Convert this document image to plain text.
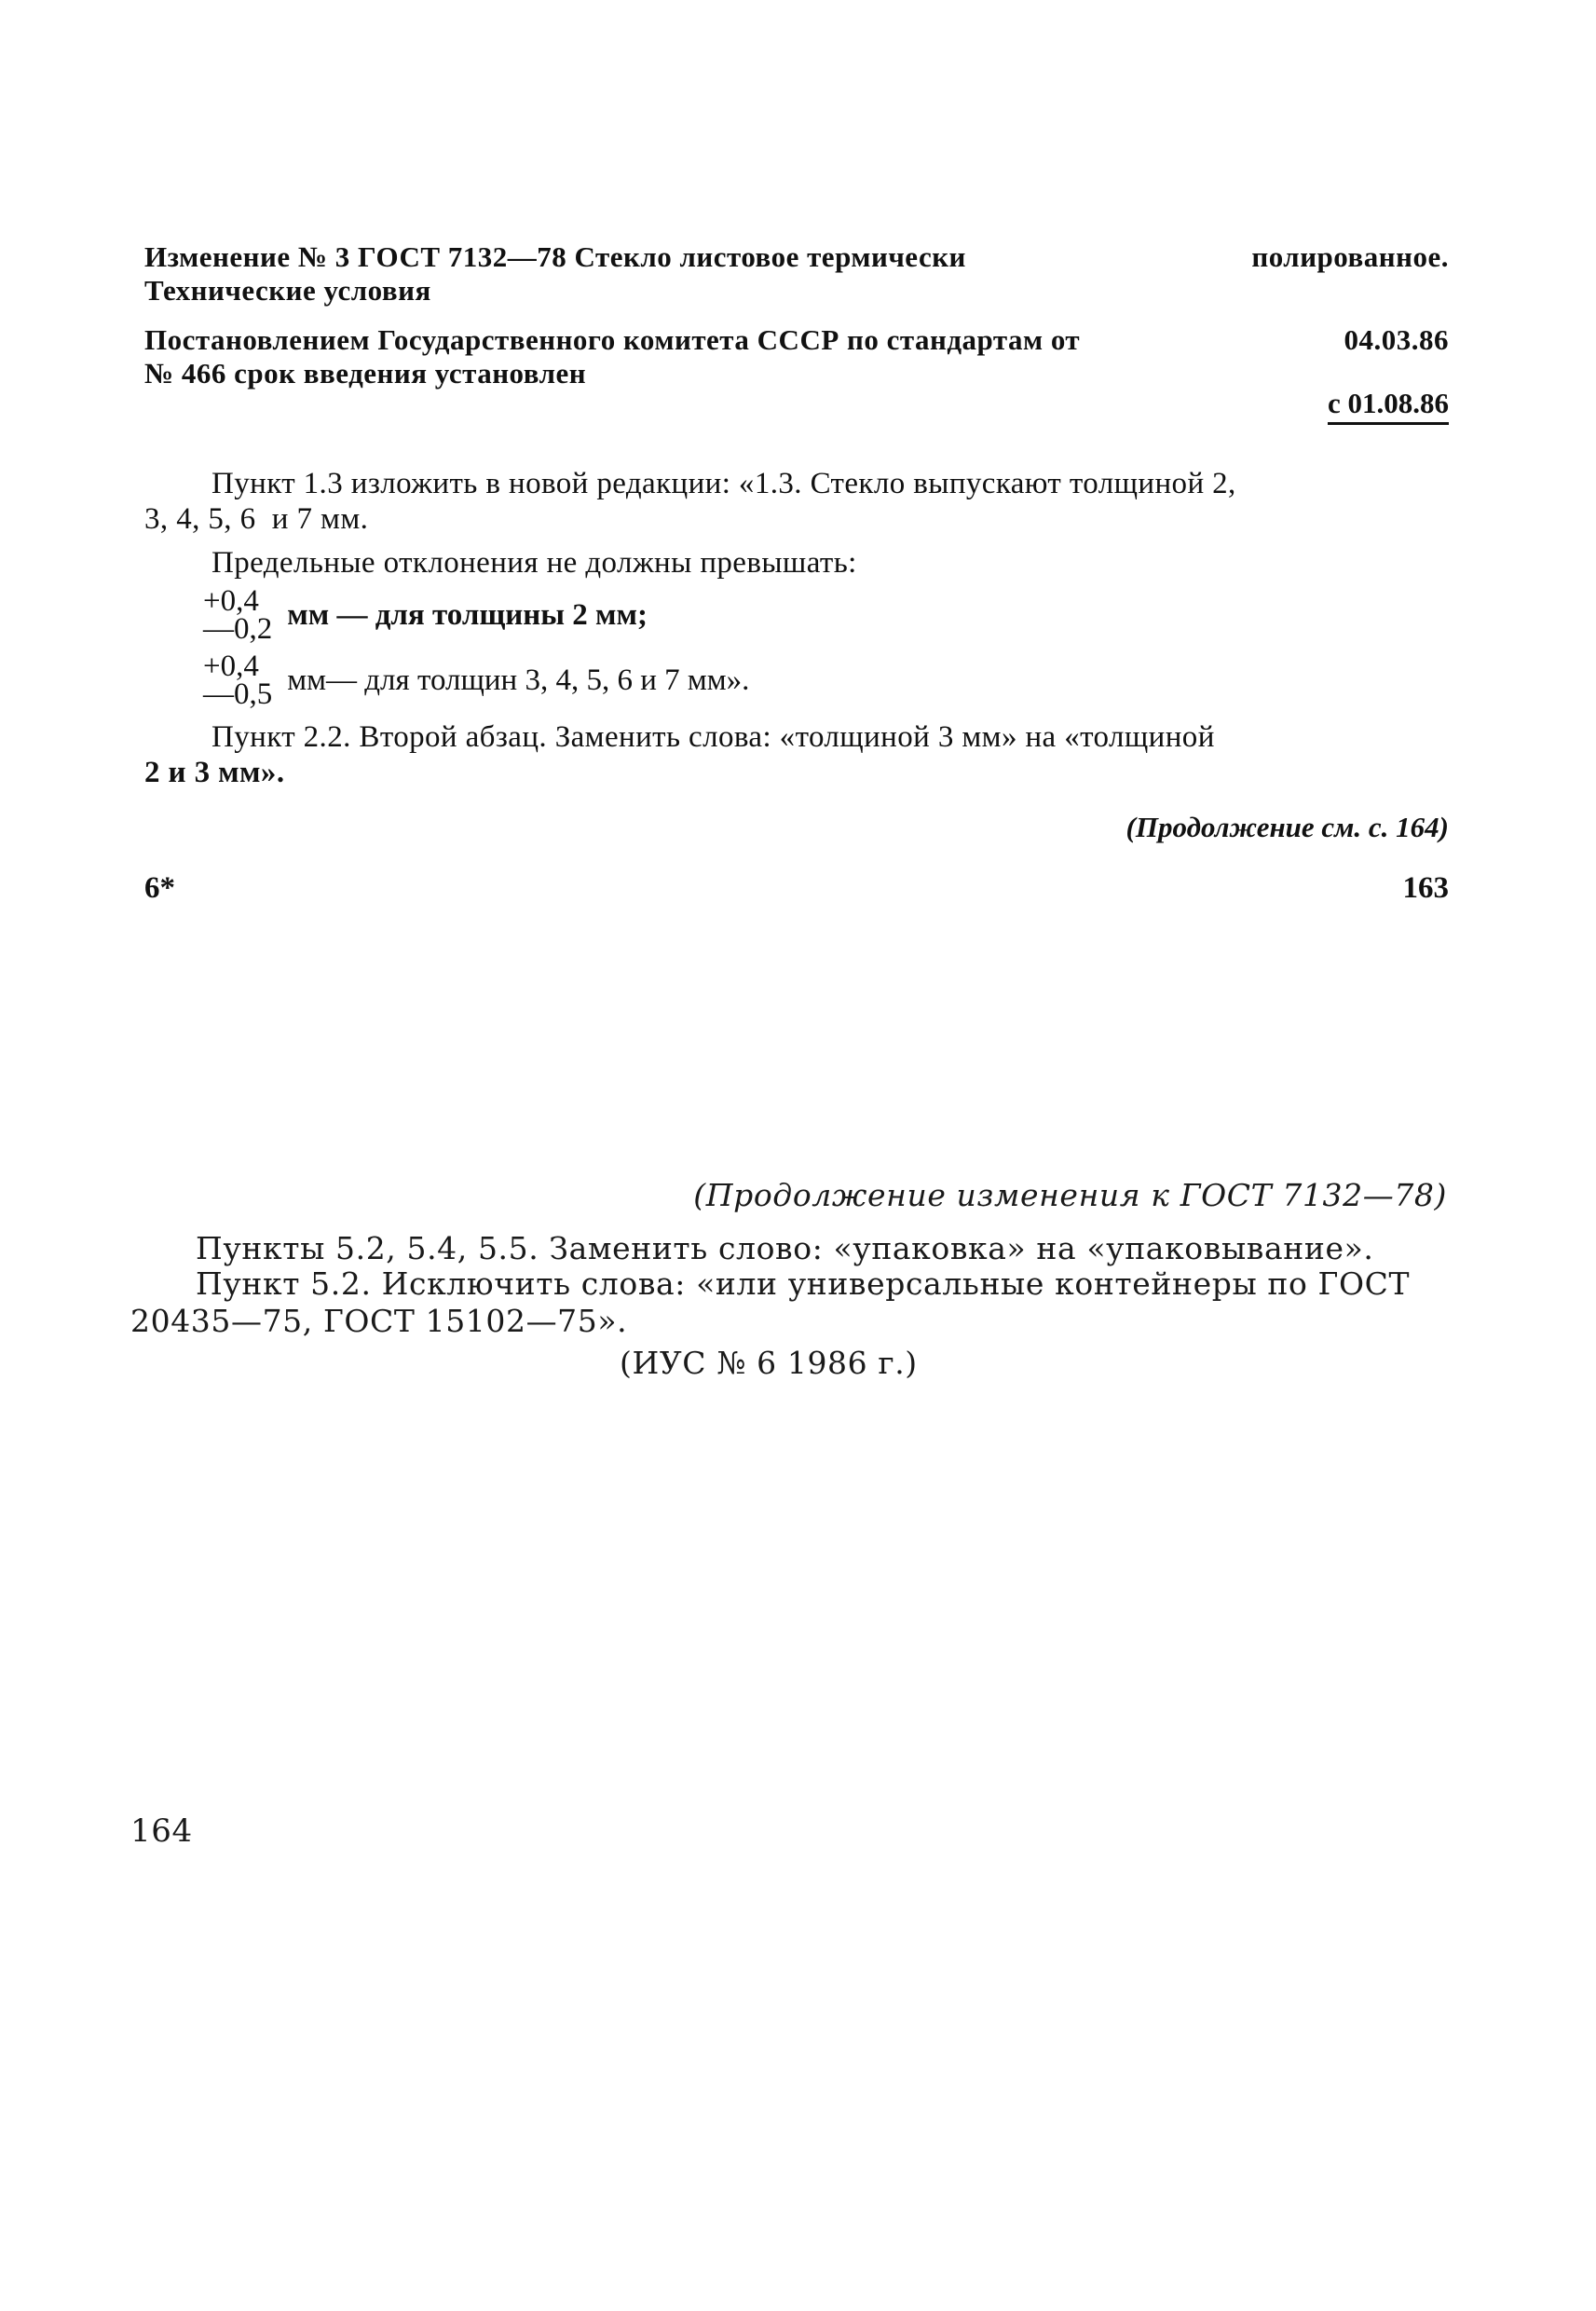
Изменение № 3 ГОСТ 7132—78 Стекло листовое термически	полированное.
Технические условия
Постановлением Государственного комитета СССР по стандартам от	04.03.86
№ 466 срок введения установлен
с 01.08.86
Пункт 1.3 изложить в новой редакции: «1.3. Стекло выпускают толщиной 2,
3, 4, 5, 6  и 7 мм.
Предельные отклонения не должны превышать:
+0,4
—0,2 мм — для толщины 2 мм;
+0,4
—0,5 мм— для толщин 3, 4, 5, 6 и 7 мм».
Пункт 2.2. Второй абзац. Заменить слова: «толщиной 3 мм» на «толщиной
2 и 3 мм».
(Продолжение см. с. 164)
6*	163
(Продолжение изменения к ГОСТ 7132—78)
Пункты 5.2, 5.4, 5.5. Заменить слово: «упаковка» на «упаковывание».
Пункт 5.2. Исключить слова: «или универсальные контейнеры по ГОСТ
20435—75, ГОСТ 15102—75».
(ИУС № 6 1986 г.)
164
